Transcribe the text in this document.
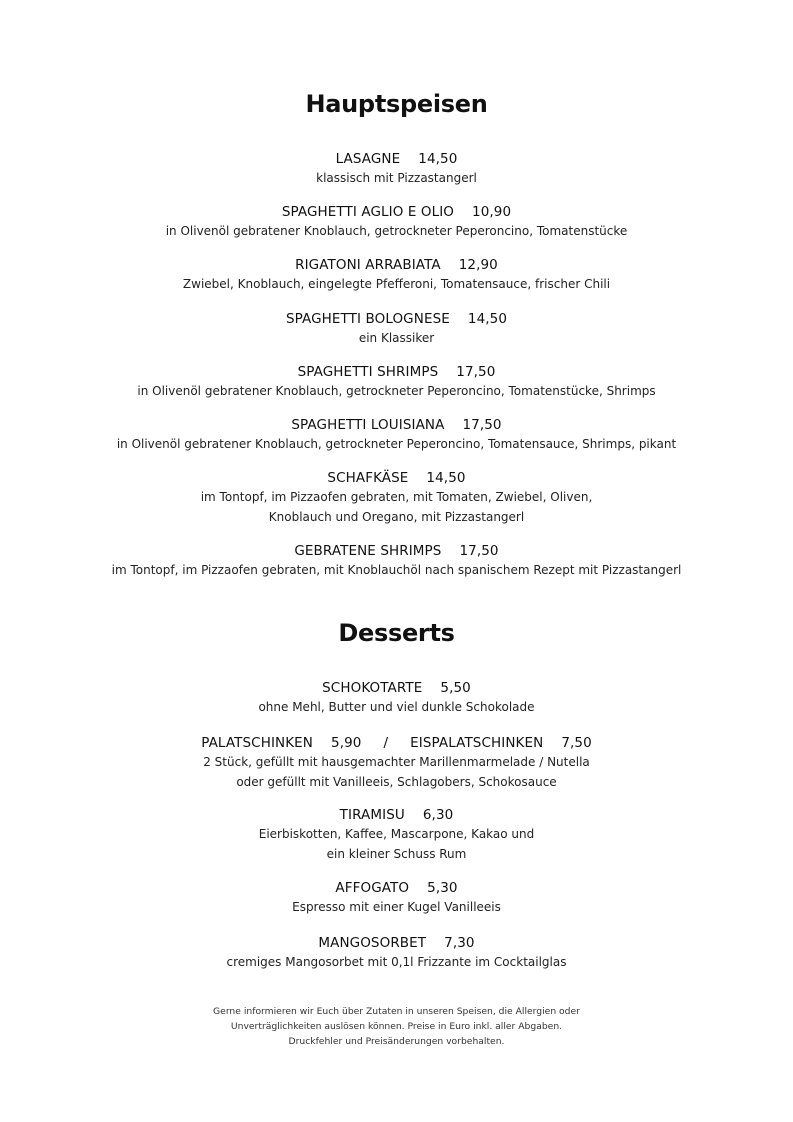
Hauptspeisen
LASAGNE 14,50
klassisch mit Pizzastangerl
SPAGHETTI AGLIO E OLIO 10,90
in Olivenöl gebratener Knoblauch, getrockneter Peperoncino, Tomatenstücke
RIGATONI ARRABIATA 12,90
Zwiebel, Knoblauch, eingelegte Pfefferoni, Tomatensauce, frischer Chili
SPAGHETTI BOLOGNESE 14,50
ein Klassiker
SPAGHETTI SHRIMPS 17,50
in Olivenöl gebratener Knoblauch, getrockneter Peperoncino, Tomatenstücke, Shrimps
SPAGHETTI LOUISIANA 17,50
in Olivenöl gebratener Knoblauch, getrockneter Peperoncino, Tomatensauce, Shrimps, pikant
SCHAFKÄSE 14,50
im Tontopf, im Pizzaofen gebraten, mit Tomaten, Zwiebel, Oliven,
Knoblauch und Oregano, mit Pizzastangerl
GEBRATENE SHRIMPS 17,50
im Tontopf, im Pizzaofen gebraten, mit Knoblauchöl nach spanischem Rezept mit Pizzastangerl
Desserts
SCHOKOTARTE 5,50
ohne Mehl, Butter und viel dunkle Schokolade
PALATSCHINKEN 5,90 / EISPALATSCHINKEN 7,50
2 Stück, gefüllt mit hausgemachter Marillenmarmelade / Nutella
oder gefüllt mit Vanilleeis, Schlagobers, Schokosauce
TIRAMISU 6,30
Eierbiskotten, Kaffee, Mascarpone, Kakao und
ein kleiner Schuss Rum
AFFOGATO 5,30
Espresso mit einer Kugel Vanilleeis
MANGOSORBET 7,30
cremiges Mangosorbet mit 0,1l Frizzante im Cocktailglas
Gerne informieren wir Euch über Zutaten in unseren Speisen, die Allergien oder
Unverträglichkeiten auslösen können. Preise in Euro inkl. aller Abgaben.
Druckfehler und Preisänderungen vorbehalten.
